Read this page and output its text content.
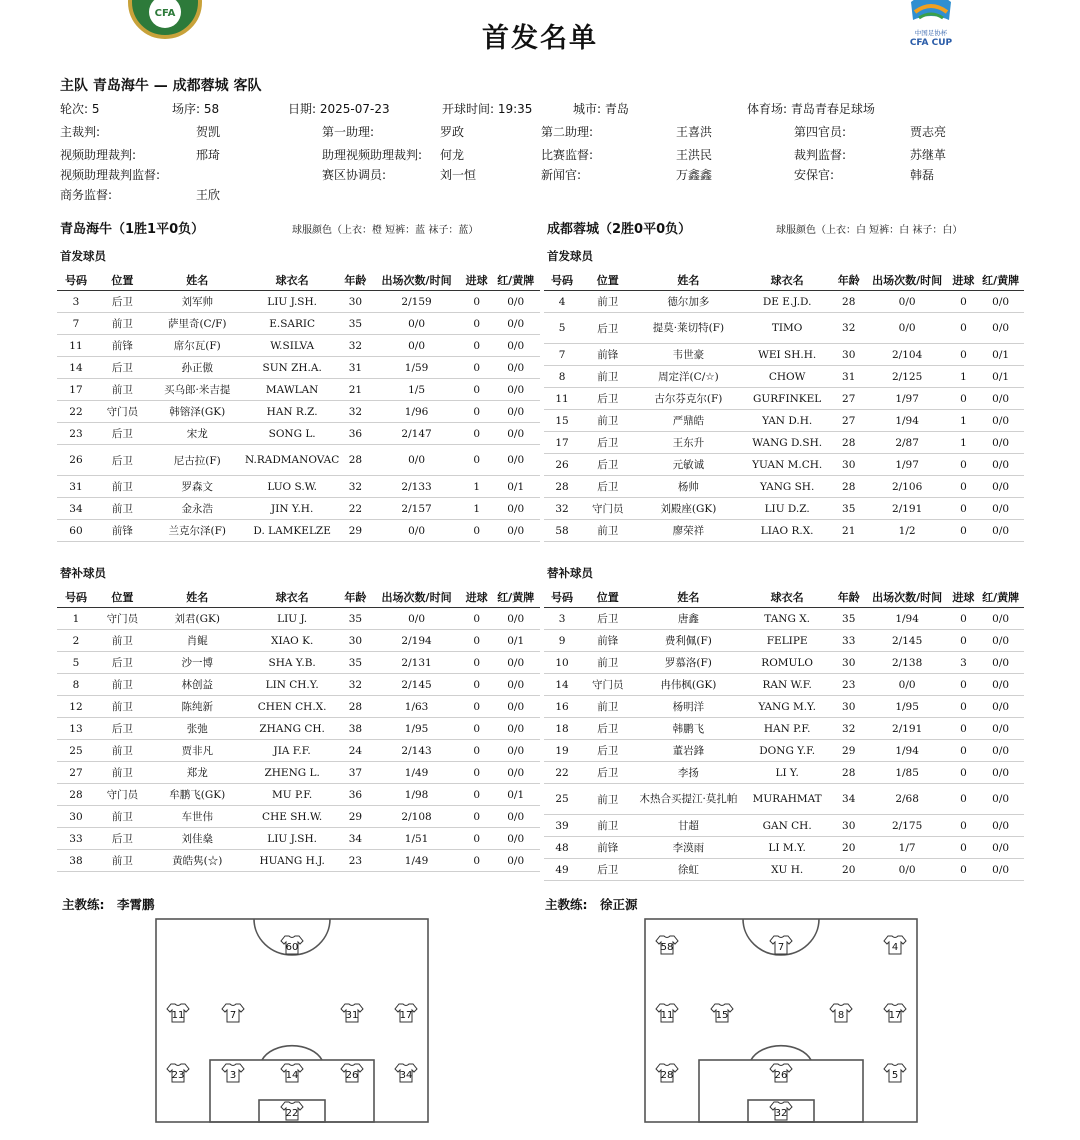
CFA
中国足协杯
CFA CUP
首发名单
主队 青岛海牛 — 成都蓉城 客队
轮次: 5	场序: 58	日期: 2025-07-23	开球时间: 19:35	城市: 青岛	体育场: 青岛青春足球场
主裁判:	贺凯	第一助理:	罗政	第二助理:	王喜洪	第四官员:	贾志亮
视频助理裁判:	邢琦	助理视频助理裁判: 何龙	比赛监督:	王洪民	裁判监督:	苏继革
视频助理裁判监督:	赛区协调员:	刘一恒	新闻官:	万鑫鑫	安保官:	韩磊
商务监督:	王欣
青岛海牛（1胜1平0负）	球服颜色（上衣：橙 短裤：蓝 袜子：蓝）	成都蓉城（2胜0平0负）	球服颜色（上衣：白 短裤：白 袜子：白）
首发球员	首发球员
号码	位置	姓名	球衣名	年龄	出场次数/时间	进球	红/黄牌
3	后卫	刘军帅	LIU J.SH.	30	2/159	0	0/0
7	前卫	萨里奇(C/F)	E.SARIC	35	0/0	0	0/0
11	前锋	席尔瓦(F)	W.SILVA	32	0/0	0	0/0
14	后卫	孙正傲	SUN ZH.A.	31	1/59	0	0/0
17	前卫	买乌郎·米吉提	MAWLAN	21	1/5	0	0/0
22	守门员	韩镕泽(GK)	HAN R.Z.	32	1/96	0	0/0
23	后卫	宋龙	SONG L.	36	2/147	0	0/0
26	后卫	尼古拉(F)	N.RADMANOVAC	28	0/0	0	0/0
31	前卫	罗森文	LUO S.W.	32	2/133	1	0/1
34	前卫	金永浩	JIN Y.H.	22	2/157	1	0/0
60	前锋	兰克尔泽(F)	D. LAMKELZE	29	0/0	0	0/0
号码	位置	姓名	球衣名	年龄	出场次数/时间	进球	红/黄牌
4	前卫	德尔加多	DE E.J.D.	28	0/0	0	0/0
5	后卫	提莫·莱切特(F)	TIMO	32	0/0	0	0/0
7	前锋	韦世豪	WEI SH.H.	30	2/104	0	0/1
8	前卫	周定洋(C/☆)	CHOW	31	2/125	1	0/1
11	后卫	古尔芬克尔(F)	GURFINKEL	27	1/97	0	0/0
15	前卫	严鼎皓	YAN D.H.	27	1/94	1	0/0
17	后卫	王东升	WANG D.SH.	28	2/87	1	0/0
26	后卫	元敏诚	YUAN M.CH.	30	1/97	0	0/0
28	后卫	杨帅	YANG SH.	28	2/106	0	0/0
32	守门员	刘殿座(GK)	LIU D.Z.	35	2/191	0	0/0
58	前卫	廖荣祥	LIAO R.X.	21	1/2	0	0/0
替补球员	替补球员
号码	位置	姓名	球衣名	年龄	出场次数/时间	进球	红/黄牌
1	守门员	刘君(GK)	LIU J.	35	0/0	0	0/0
2	前卫	肖鲲	XIAO K.	30	2/194	0	0/1
5	后卫	沙一博	SHA Y.B.	35	2/131	0	0/0
8	前卫	林创益	LIN CH.Y.	32	2/145	0	0/0
12	前卫	陈纯新	CHEN CH.X.	28	1/63	0	0/0
13	后卫	张弛	ZHANG CH.	38	1/95	0	0/0
25	前卫	贾非凡	JIA F.F.	24	2/143	0	0/0
27	前卫	郑龙	ZHENG L.	37	1/49	0	0/0
28	守门员	牟鹏飞(GK)	MU P.F.	36	1/98	0	0/1
30	前卫	车世伟	CHE SH.W.	29	2/108	0	0/0
33	后卫	刘佳燊	LIU J.SH.	34	1/51	0	0/0
38	前卫	黄皓隽(☆)	HUANG H.J.	23	1/49	0	0/0
号码	位置	姓名	球衣名	年龄	出场次数/时间	进球	红/黄牌
3	后卫	唐鑫	TANG X.	35	1/94	0	0/0
9	前锋	费利佩(F)	FELIPE	33	2/145	0	0/0
10	前卫	罗慕洛(F)	ROMULO	30	2/138	3	0/0
14	守门员	冉伟枫(GK)	RAN W.F.	23	0/0	0	0/0
16	前卫	杨明洋	YANG M.Y.	30	1/95	0	0/0
18	后卫	韩鹏飞	HAN P.F.	32	2/191	0	0/0
19	后卫	董岩鋒	DONG Y.F.	29	1/94	0	0/0
22	后卫	李扬	LI Y.	28	1/85	0	0/0
25	前卫	木热合买提江·莫扎帕	MURAHMAT	34	2/68	0	0/0
39	前卫	甘超	GAN CH.	30	2/175	0	0/0
48	前锋	李漠雨	LI M.Y.	20	1/7	0	0/0
49	后卫	徐虹	XU H.	20	0/0	0	0/0
主教练:　李霄鹏	主教练:　徐正源
60
11	7	31	17
23	3	14	26	34
22
58	7	4
11	15	8	17
28	26	5
32
